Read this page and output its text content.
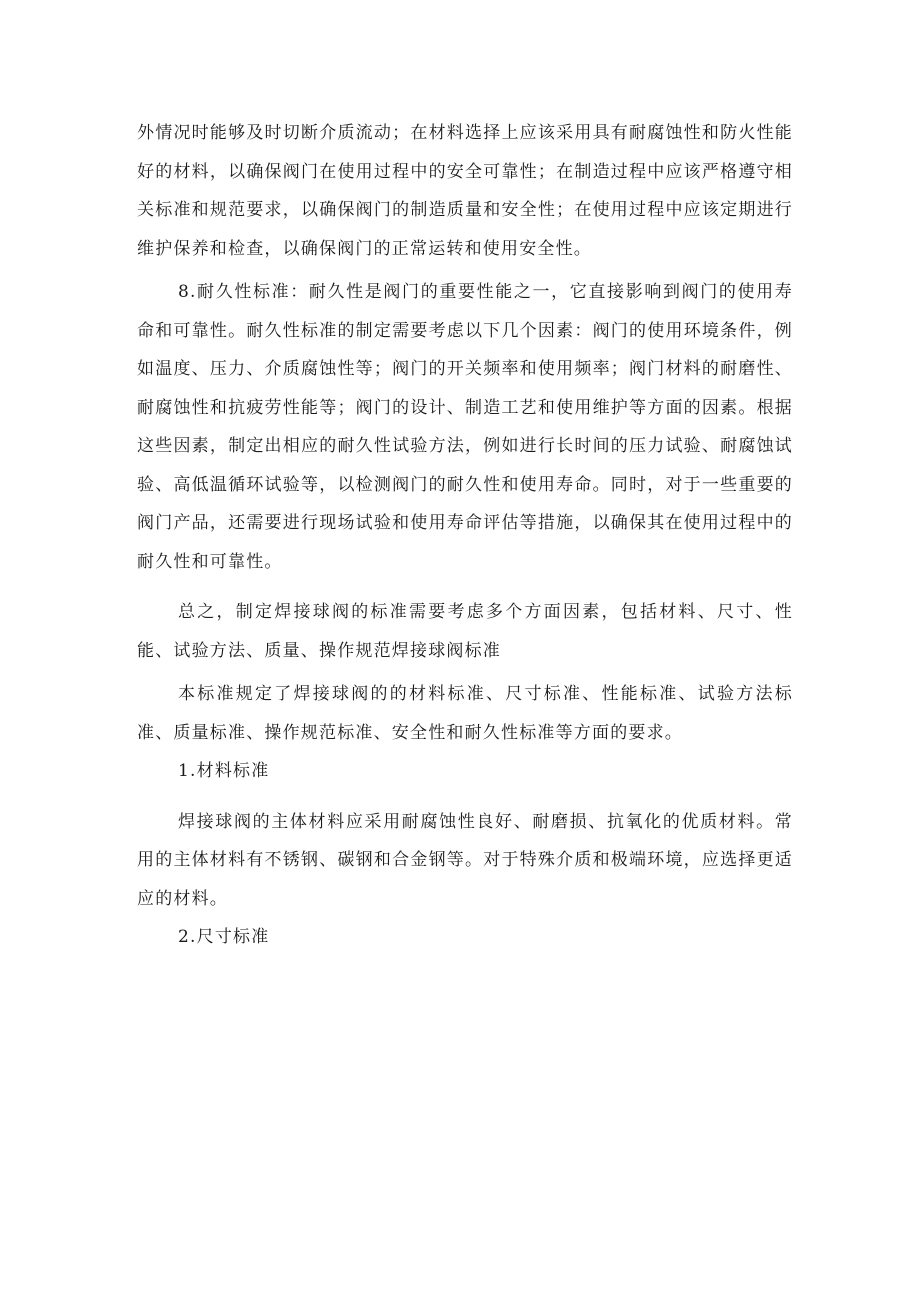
外情况时能够及时切断介质流动；在材料选择上应该采用具有耐腐蚀性和防火性能好的材料，以确保阀门在使用过程中的安全可靠性；在制造过程中应该严格遵守相关标准和规范要求，以确保阀门的制造质量和安全性；在使用过程中应该定期进行维护保养和检查，以确保阀门的正常运转和使用安全性。

8.耐久性标准：耐久性是阀门的重要性能之一，它直接影响到阀门的使用寿命和可靠性。耐久性标准的制定需要考虑以下几个因素：阀门的使用环境条件，例如温度、压力、介质腐蚀性等；阀门的开关频率和使用频率；阀门材料的耐磨性、耐腐蚀性和抗疲劳性能等；阀门的设计、制造工艺和使用维护等方面的因素。根据这些因素，制定出相应的耐久性试验方法，例如进行长时间的压力试验、耐腐蚀试验、高低温循环试验等，以检测阀门的耐久性和使用寿命。同时，对于一些重要的阀门产品，还需要进行现场试验和使用寿命评估等措施，以确保其在使用过程中的耐久性和可靠性。

总之，制定焊接球阀的标准需要考虑多个方面因素，包括材料、尺寸、性能、试验方法、质量、操作规范焊接球阀标准

本标准规定了焊接球阀的的材料标准、尺寸标准、性能标准、试验方法标准、质量标准、操作规范标准、安全性和耐久性标准等方面的要求。

1.材料标准

焊接球阀的主体材料应采用耐腐蚀性良好、耐磨损、抗氧化的优质材料。常用的主体材料有不锈钢、碳钢和合金钢等。对于特殊介质和极端环境，应选择更适应的材料。

2.尺寸标准
